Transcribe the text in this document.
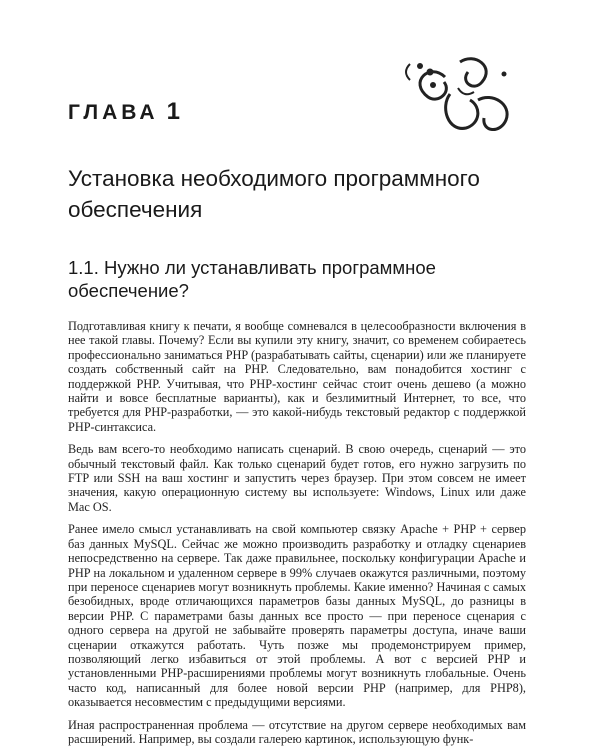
ГЛАВА 1
Установка необходимого программного обеспечения
1.1. Нужно ли устанавливать программное обеспечение?

Подготавливая книгу к печати, я вообще сомневался в целесообразности включения в нее такой главы. Почему? Если вы купили эту книгу, значит, со временем собираетесь профессионально заниматься PHP (разрабатывать сайты, сценарии) или же планируете создать собственный сайт на PHP. Следовательно, вам понадобится хостинг с поддержкой PHP. Учитывая, что PHP-хостинг сейчас стоит очень дешево (а можно найти и вовсе бесплатные варианты), как и безлимитный Интернет, то все, что требуется для PHP-разработки, — это какой-нибудь текстовый редактор с поддержкой PHP-синтаксиса.

Ведь вам всего-то необходимо написать сценарий. В свою очередь, сценарий — это обычный текстовый файл. Как только сценарий будет готов, его нужно загрузить по FTP или SSH на ваш хостинг и запустить через браузер. При этом совсем не имеет значения, какую операционную систему вы используете: Windows, Linux или даже Mac OS.

Ранее имело смысл устанавливать на свой компьютер связку Apache + PHP + сервер баз данных MySQL. Сейчас же можно производить разработку и отладку сценариев непосредственно на сервере. Так даже правильнее, поскольку конфигурации Apache и PHP на локальном и удаленном сервере в 99% случаев окажутся различными, поэтому при переносе сценариев могут возникнуть проблемы. Какие именно? Начиная с самых безобидных, вроде отличающихся параметров базы данных MySQL, до разницы в версии PHP. С параметрами базы данных все просто — при переносе сценария с одного сервера на другой не забывайте проверять параметры доступа, иначе ваши сценарии откажутся работать. Чуть позже мы продемонстрируем пример, позволяющий легко избавиться от этой проблемы. А вот с версией PHP и установленными PHP-расширениями проблемы могут возникнуть глобальные. Очень часто код, написанный для более новой версии PHP (например, для PHP8), оказывается несовместим с предыдущими версиями.

Иная распространенная проблема — отсутствие на другом сервере необходимых вам расширений. Например, вы создали галерею картинок, использующую функ-
